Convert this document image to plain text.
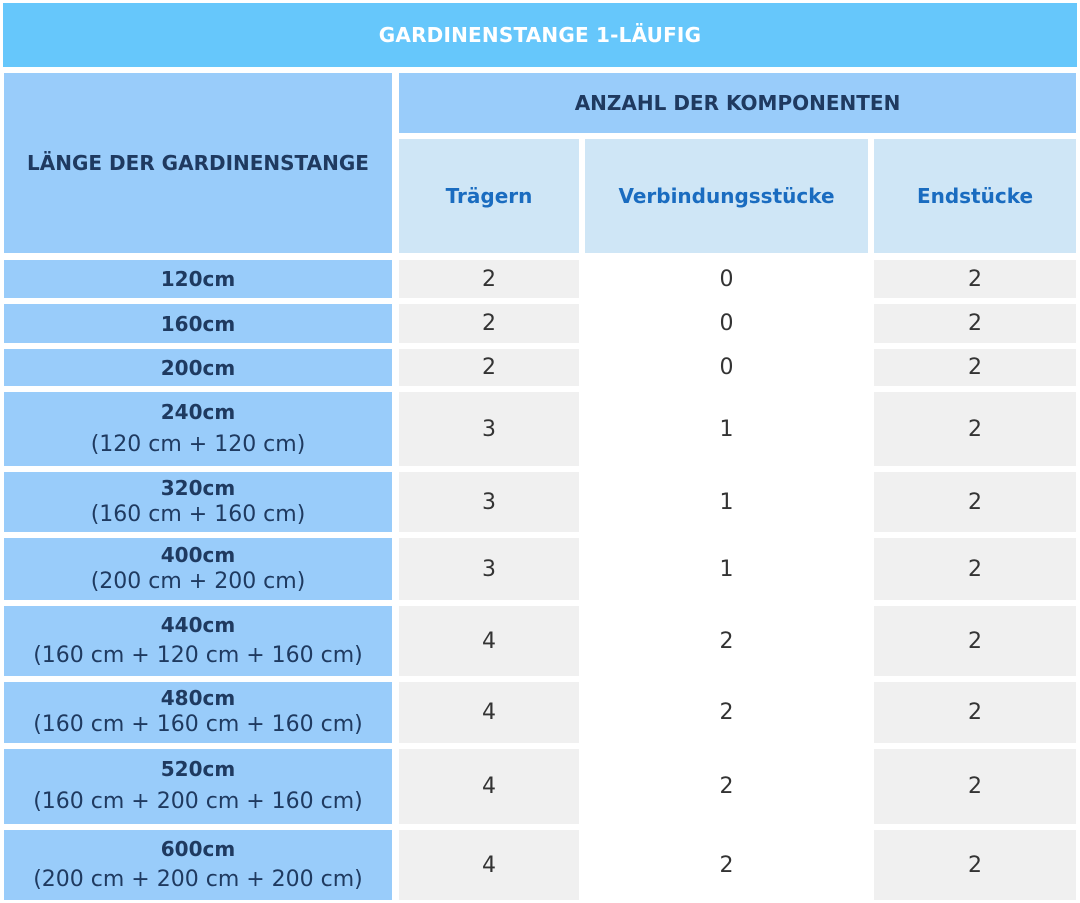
GARDINENSTANGE 1-LÄUFIG
LÄNGE DER GARDINENSTANGE
ANZAHL DER KOMPONENTEN
Trägern	Verbindungsstücke	Endstücke
120cm	2	0	2
160cm	2	0	2
200cm	2	0	2
240cm
(120 cm + 120 cm)
3	1	2
320cm
(160 cm + 160 cm)	3	1	2
400cm
(200 cm + 200 cm)	3	1	2
440cm
(160 cm + 120 cm + 160 cm)
4	2	2
480cm
(160 cm + 160 cm + 160 cm)	4	2	2
520cm
(160 cm + 200 cm + 160 cm)
4	2	2
600cm
(200 cm + 200 cm + 200 cm)
4	2	2
